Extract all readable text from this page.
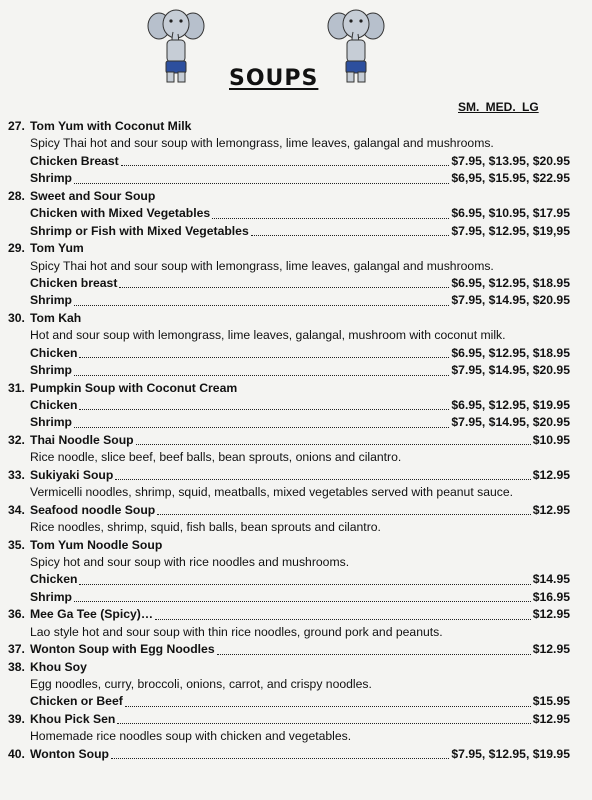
SOUPS
SM. MED. LG
27. Tom Yum with Coconut Milk
Spicy Thai hot and sour soup with lemongrass, lime leaves, galangal and mushrooms.
Chicken Breast	$7.95, $13.95, $20.95
Shrimp	$6,95, $15.95, $22.95
28. Sweet and Sour Soup
Chicken with Mixed Vegetables	$6.95, $10.95, $17.95
Shrimp or Fish with Mixed Vegetables	$7.95, $12.95, $19,95
29. Tom Yum
Spicy Thai hot and sour soup with lemongrass, lime leaves, galangal and mushrooms.
Chicken breast	$6.95, $12.95, $18.95
Shrimp	$7.95, $14.95, $20.95
30. Tom Kah
Hot and sour soup with lemongrass, lime leaves, galangal, mushroom with coconut milk.
Chicken	$6.95, $12.95, $18.95
Shrimp	$7.95, $14.95, $20.95
31. Pumpkin Soup with Coconut Cream
Chicken	$6.95, $12.95, $19.95
Shrimp	$7.95, $14.95, $20.95
32. Thai Noodle Soup	$10.95
Rice noodle, slice beef, beef balls, bean sprouts, onions and cilantro.
33. Sukiyaki Soup	$12.95
Vermicelli noodles, shrimp, squid, meatballs, mixed vegetables served with peanut sauce.
34. Seafood noodle Soup	$12.95
Rice noodles, shrimp, squid, fish balls, bean sprouts and cilantro.
35. Tom Yum Noodle Soup
Spicy hot and sour soup with rice noodles and mushrooms.
Chicken	$14.95
Shrimp	$16.95
36. Mee Ga Tee (Spicy)…	$12.95
Lao style hot and sour soup with thin rice noodles, ground pork and peanuts.
37. Wonton Soup with Egg Noodles	$12.95
38. Khou Soy
Egg noodles, curry, broccoli, onions, carrot, and crispy noodles.
Chicken or Beef	$15.95
39. Khou Pick Sen	$12.95
Homemade rice noodles soup with chicken and vegetables.
40. Wonton Soup	$7.95, $12.95, $19.95
